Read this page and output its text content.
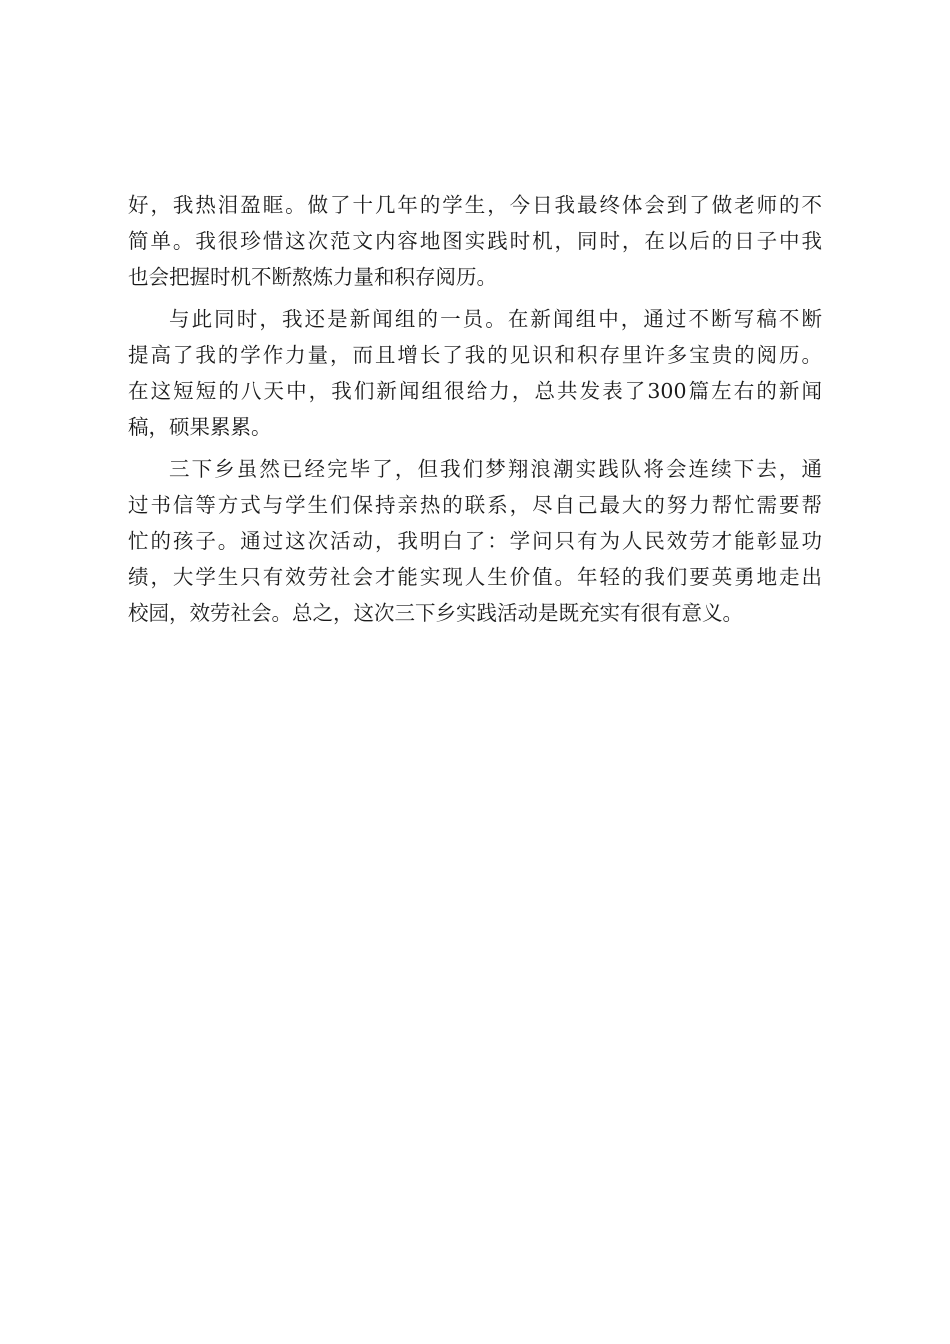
好，我热泪盈眶。做了十几年的学生，今日我最终体会到了做老师的不
简单。我很珍惜这次范文内容地图实践时机，同时，在以后的日子中我
也会把握时机不断熬炼力量和积存阅历。
与此同时，我还是新闻组的一员。在新闻组中，通过不断写稿不断
提高了我的学作力量，而且增长了我的见识和积存里许多宝贵的阅历。
在这短短的八天中，我们新闻组很给力，总共发表了300篇左右的新闻
稿，硕果累累。
三下乡虽然已经完毕了，但我们梦翔浪潮实践队将会连续下去，通
过书信等方式与学生们保持亲热的联系，尽自己最大的努力帮忙需要帮
忙的孩子。通过这次活动，我明白了：学问只有为人民效劳才能彰显功
绩，大学生只有效劳社会才能实现人生价值。年轻的我们要英勇地走出
校园，效劳社会。总之，这次三下乡实践活动是既充实有很有意义。
